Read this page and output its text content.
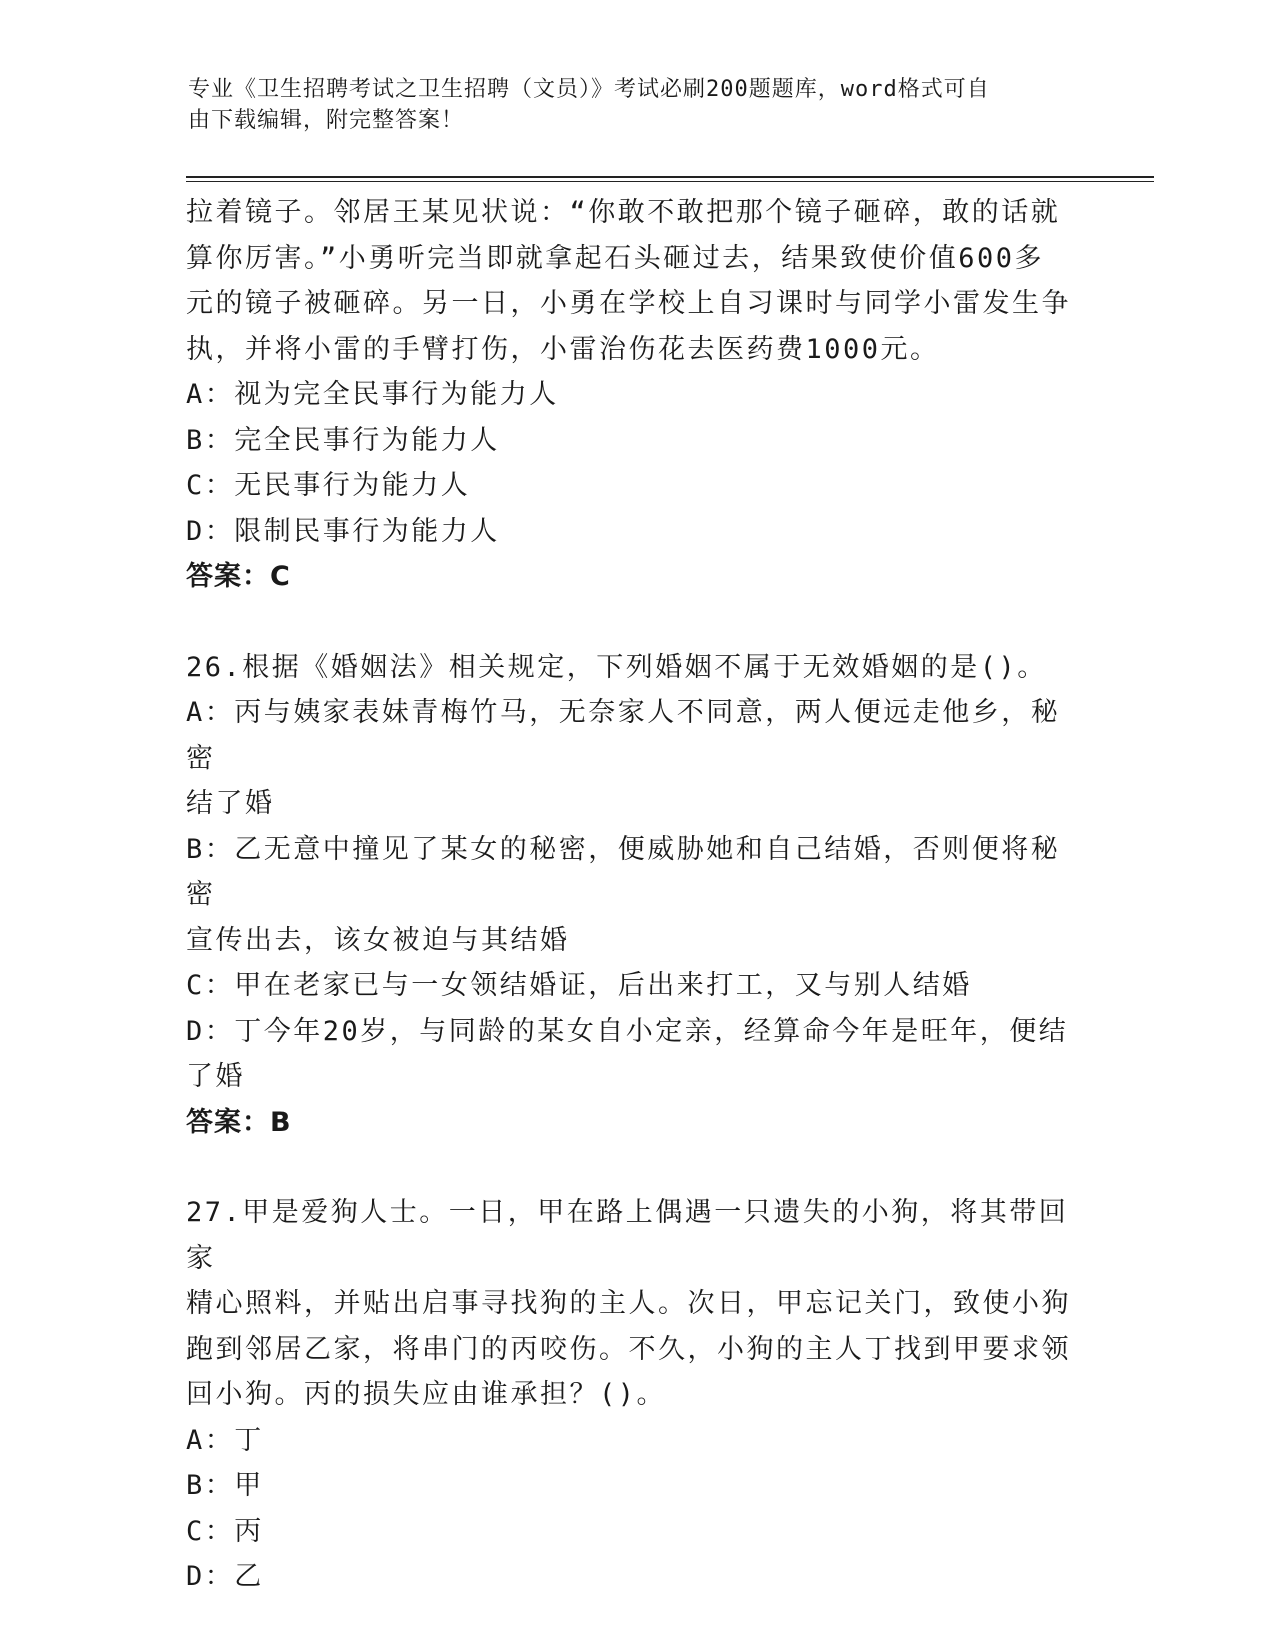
专业《卫生招聘考试之卫生招聘（文员）》考试必刷200题题库，word格式可自
由下载编辑，附完整答案！

拉着镜子。邻居王某见状说：“你敢不敢把那个镜子砸碎，敢的话就

算你厉害。”小勇听完当即就拿起石头砸过去，结果致使价值600多

元的镜子被砸碎。另一日，小勇在学校上自习课时与同学小雷发生争

执，并将小雷的手臂打伤，小雷治伤花去医药费1000元。

A：视为完全民事行为能力人

B：完全民事行为能力人

C：无民事行为能力人

D：限制民事行为能力人

答案：C

26.根据《婚姻法》相关规定，下列婚姻不属于无效婚姻的是()。

A：丙与姨家表妹青梅竹马，无奈家人不同意，两人便远走他乡，秘密

结了婚

B：乙无意中撞见了某女的秘密，便威胁她和自己结婚，否则便将秘密

宣传出去，该女被迫与其结婚

C：甲在老家已与一女领结婚证，后出来打工，又与别人结婚

D：丁今年20岁，与同龄的某女自小定亲，经算命今年是旺年，便结

了婚

答案：B

27.甲是爱狗人士。一日，甲在路上偶遇一只遗失的小狗，将其带回家

精心照料，并贴出启事寻找狗的主人。次日，甲忘记关门，致使小狗

跑到邻居乙家，将串门的丙咬伤。不久，小狗的主人丁找到甲要求领

回小狗。丙的损失应由谁承担？()。

A：丁

B：甲

C：丙

D：乙
